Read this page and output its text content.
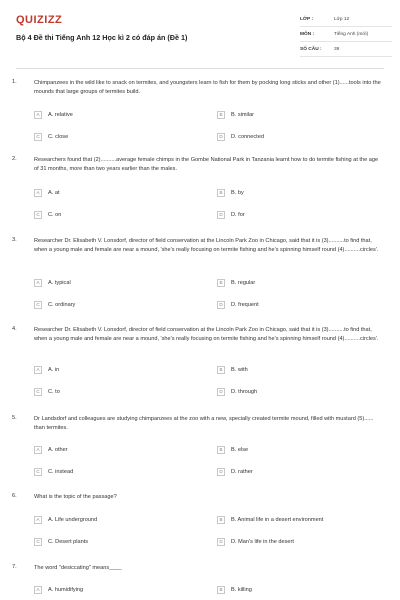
QUIZIZZ
Bộ 4 Đề thi Tiếng Anh 12 Học kì 2 có đáp án (Đề 1)
LỚP :	Lớp 12
MÔN :	Tiếng Anh (mới)
SỐ CÂU :	39
1.	Chimpanzees in the wild like to snack on termites, and youngsters learn to fish for them by pocking long sticks and other (1)......tools into the mounds that large groups of termites build.
A	A. relative	B	B. similar
C	C. close	D	D. connected
2.	Researchers found that (2)..........average female chimps in the Gombe National Park in Tanzania learnt how to do termite fishing at the age of 31 months, more than two years earlier than the males.
A	A. at	B	B. by
C	C. on	D	D. for
3.	Researcher Dr. Elisabeth V. Lonsdorf, director of field conservation at the Lincoln Park Zoo in Chicago, said that it is (3)..........to find that, when a young male and female are near a mound, 'she's really focusing on termite fishing and he's spinning himself round (4)..........circles'.
A	A. typical	B	B. regular
C	C. ordinary	D	D. frequent
4.	Researcher Dr. Elisabeth V. Lonsdorf, director of field conservation at the Lincoln Park Zoo in Chicago, said that it is (3)..........to find that, when a young male and female are near a mound, 'she's really focusing on termite fishing and he's spinning himself round (4)..........circles'.
A	A. in	B	B. with
C	C. to	D	D. through
5.	Dr Landsdorf and colleagues are studying chimpanzees at the zoo with a new, specially created termite mound, filled with mustard (5)...... than termites.
A	A. other	B	B. else
C	C. instead	D	D. rather
6.	What is the topic of the passage?
A	A. Life underground	B	B. Animal life in a desert environment
C	C. Desert plants	D	D. Man's life in the desert
7.	The word "desiccating" means____
A	A. humidifying	B	B. killing
